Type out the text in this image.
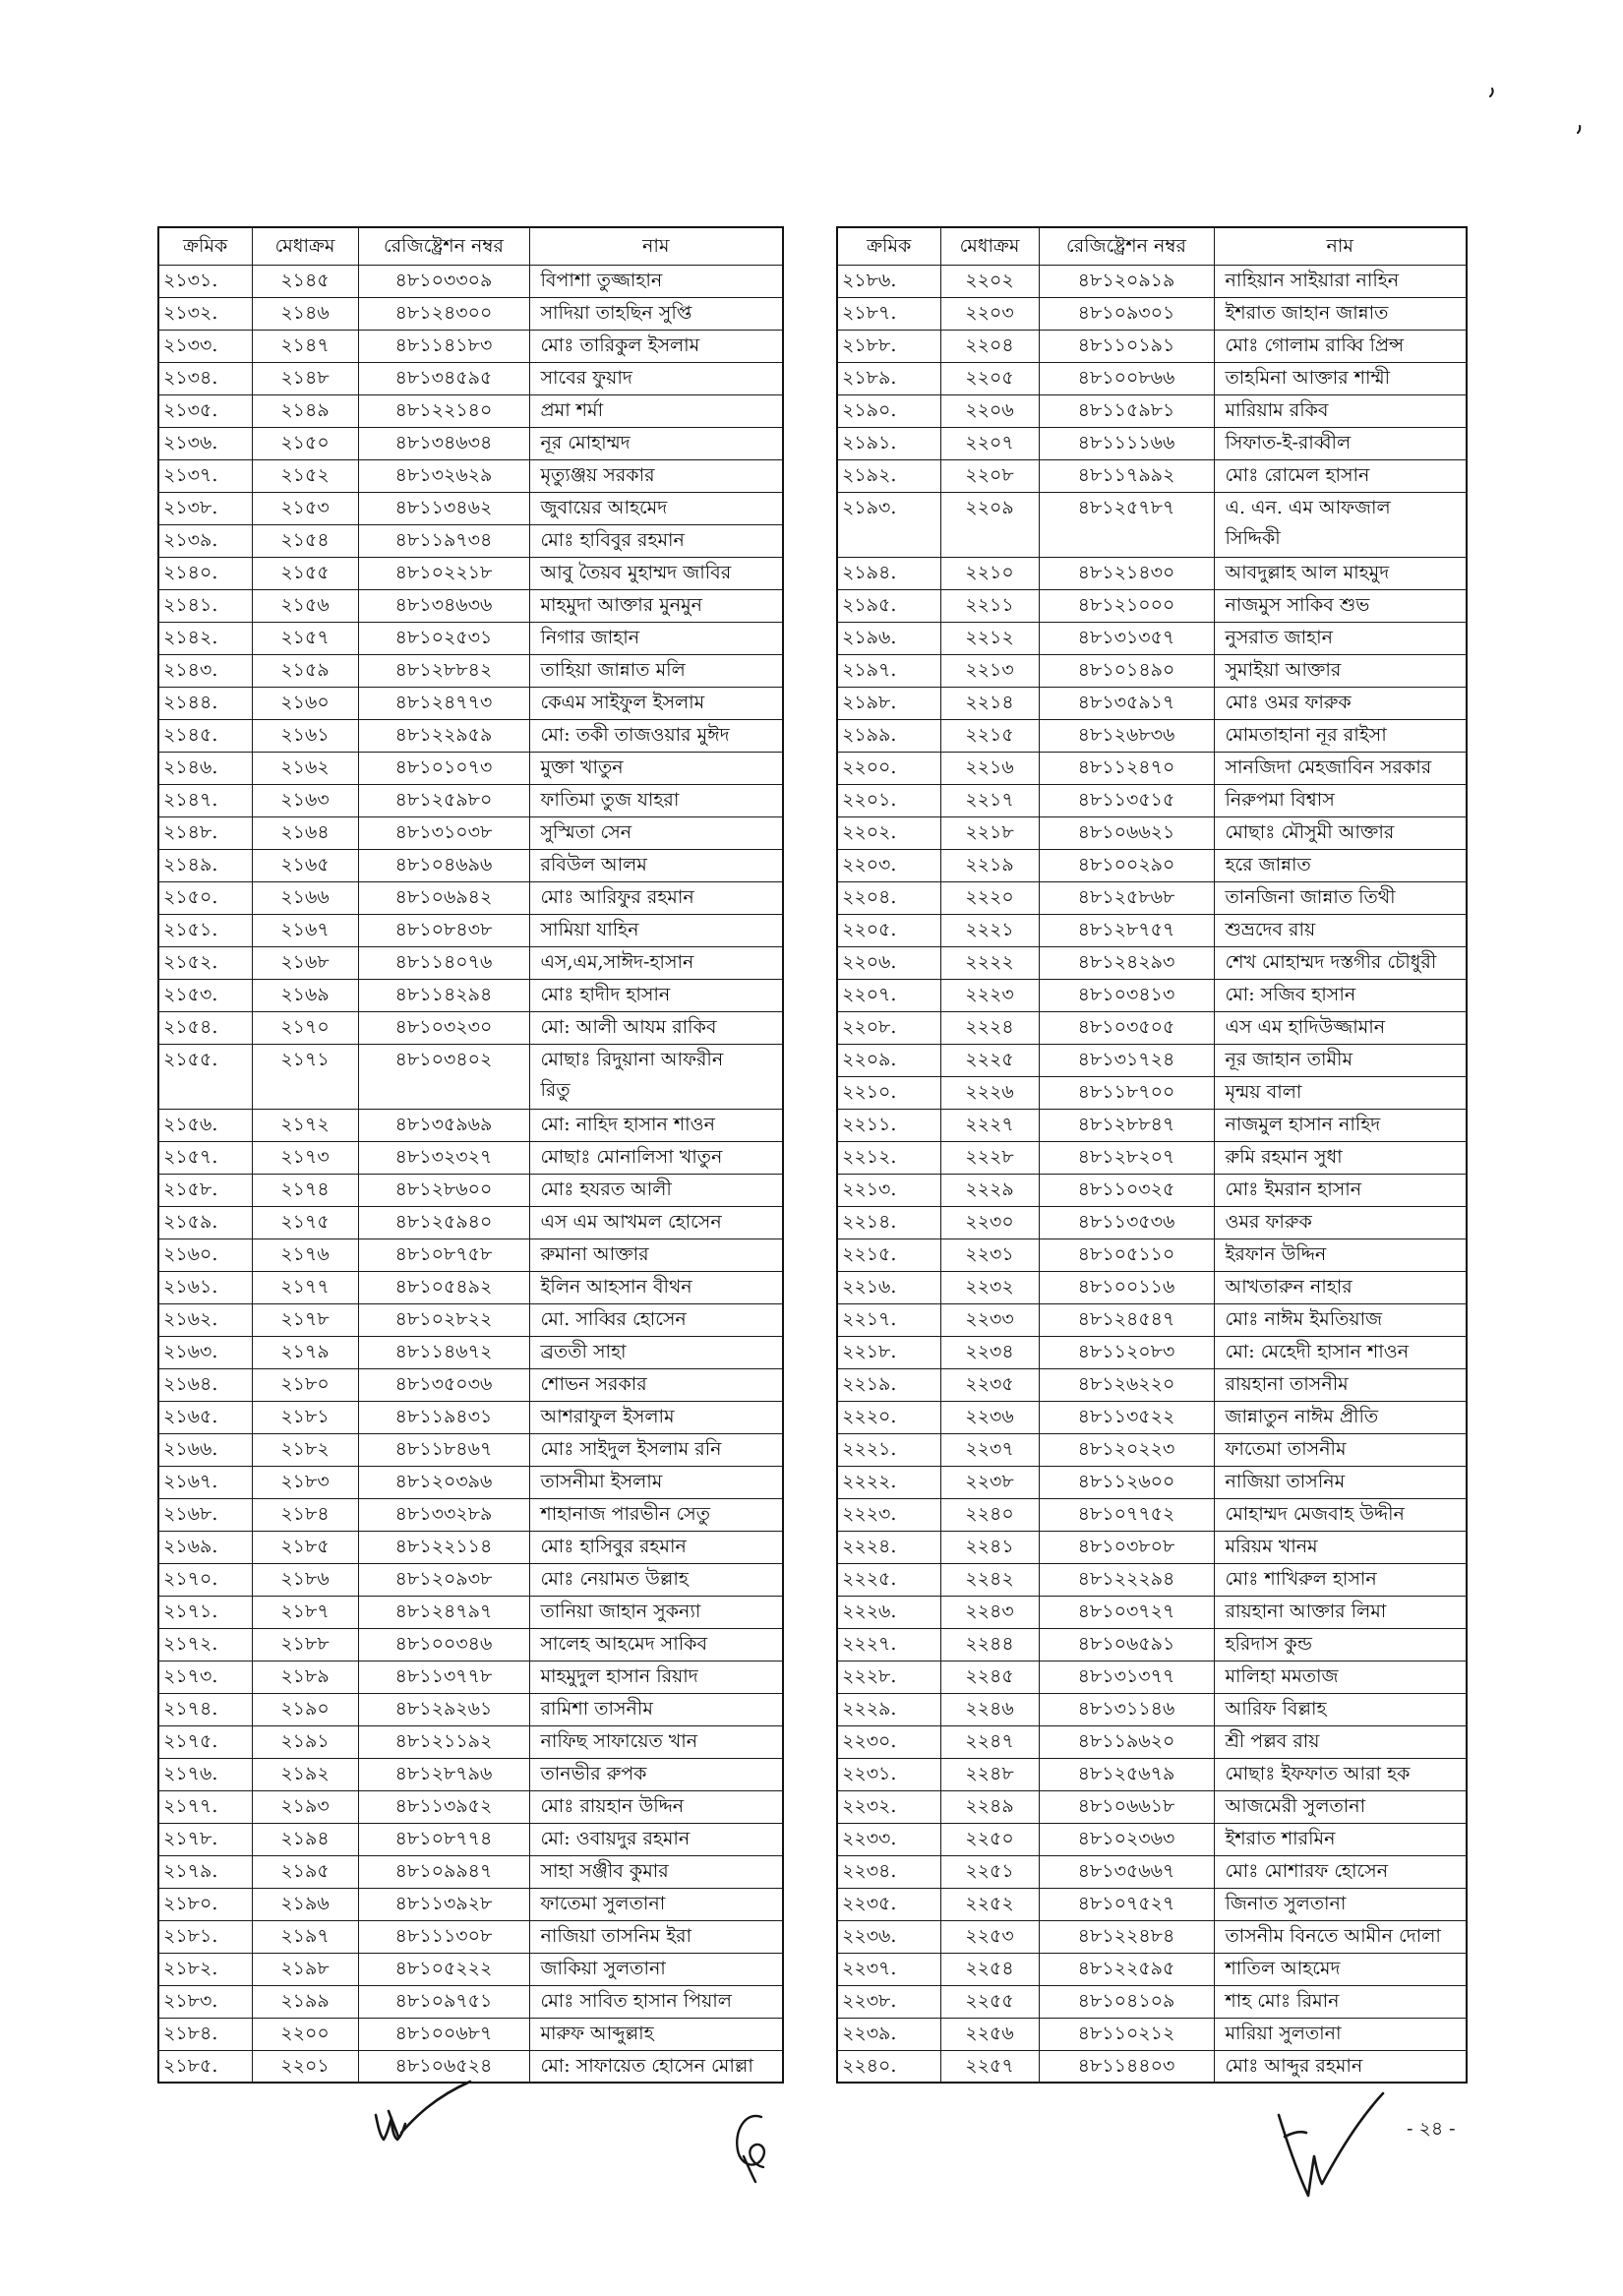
ক্রমিক	মেধাক্রম	রেজিষ্ট্রেশন নম্বর	নাম
২১৩১.	২১৪৫	৪৮১০৩৩০৯	বিপাশা তুজ্জাহান
২১৩২.	২১৪৬	৪৮১২৪৩০০	সাদিয়া তাহছিন সুপ্তি
২১৩৩.	২১৪৭	৪৮১১৪১৮৩	মোঃ তারিকুল ইসলাম
২১৩৪.	২১৪৮	৪৮১৩৪৫৯৫	সাবের ফুয়াদ
২১৩৫.	২১৪৯	৪৮১২২১৪০	প্রমা শর্মা
২১৩৬.	২১৫০	৪৮১৩৪৬৩৪	নূর মোহাম্মদ
২১৩৭.	২১৫২	৪৮১৩২৬২৯	মৃত্যুঞ্জয় সরকার
২১৩৮.	২১৫৩	৪৮১১৩৪৬২	জুবায়ের আহমেদ
২১৩৯.	২১৫৪	৪৮১১৯৭৩৪	মোঃ হাবিবুর রহমান
২১৪০.	২১৫৫	৪৮১০২২১৮	আবু তৈয়ব মুহাম্মদ জাবির
২১৪১.	২১৫৬	৪৮১৩৪৬৩৬	মাহমুদা আক্তার মুনমুন
২১৪২.	২১৫৭	৪৮১০২৫৩১	নিগার জাহান
২১৪৩.	২১৫৯	৪৮১২৮৮৪২	তাহিয়া জান্নাত মলি
২১৪৪.	২১৬০	৪৮১২৪৭৭৩	কেএম সাইফুল ইসলাম
২১৪৫.	২১৬১	৪৮১২২৯৫৯	মো: তকী তাজওয়ার মুঈদ
২১৪৬.	২১৬২	৪৮১০১০৭৩	মুক্তা খাতুন
২১৪৭.	২১৬৩	৪৮১২৫৯৮০	ফাতিমা তুজ যাহরা
২১৪৮.	২১৬৪	৪৮১৩১০৩৮	সুস্মিতা সেন
২১৪৯.	২১৬৫	৪৮১০৪৬৯৬	রবিউল আলম
২১৫০.	২১৬৬	৪৮১০৬৯৪২	মোঃ আরিফুর রহমান
২১৫১.	২১৬৭	৪৮১০৮৪৩৮	সামিয়া যাহিন
২১৫২.	২১৬৮	৪৮১১৪০৭৬	এস,এম,সাঈদ-হাসান
২১৫৩.	২১৬৯	৪৮১১৪২৯৪	মোঃ হাদীদ হাসান
২১৫৪.	২১৭০	৪৮১০৩২৩০	মো: আলী আযম রাকিব
২১৫৫.	২১৭১	৪৮১০৩৪০২	মোছাঃ রিদুয়ানা আফরীন
রিতু
২১৫৬.	২১৭২	৪৮১৩৫৯৬৯	মো: নাহিদ হাসান শাওন
২১৫৭.	২১৭৩	৪৮১৩২৩২৭	মোছাঃ মোনালিসা খাতুন
২১৫৮.	২১৭৪	৪৮১২৮৬০০	মোঃ হযরত আলী
২১৫৯.	২১৭৫	৪৮১২৫৯৪০	এস এম আখমল হোসেন
২১৬০.	২১৭৬	৪৮১০৮৭৫৮	রুমানা আক্তার
২১৬১.	২১৭৭	৪৮১০৫৪৯২	ইলিন আহসান বীথন
২১৬২.	২১৭৮	৪৮১০২৮২২	মো. সাব্বির হোসেন
২১৬৩.	২১৭৯	৪৮১১৪৬৭২	ব্রততী সাহা
২১৬৪.	২১৮০	৪৮১৩৫০৩৬	শোভন সরকার
২১৬৫.	২১৮১	৪৮১১৯৪৩১	আশরাফুল ইসলাম
২১৬৬.	২১৮২	৪৮১১৮৪৬৭	মোঃ সাইদুল ইসলাম রনি
২১৬৭.	২১৮৩	৪৮১২০৩৯৬	তাসনীমা ইসলাম
২১৬৮.	২১৮৪	৪৮১৩৩২৮৯	শাহানাজ পারভীন সেতু
২১৬৯.	২১৮৫	৪৮১২২১১৪	মোঃ হাসিবুর রহমান
২১৭০.	২১৮৬	৪৮১২০৯৩৮	মোঃ নেয়ামত উল্লাহ
২১৭১.	২১৮৭	৪৮১২৪৭৯৭	তানিয়া জাহান সুকন্যা
২১৭২.	২১৮৮	৪৮১০০৩৪৬	সালেহ আহমেদ সাকিব
২১৭৩.	২১৮৯	৪৮১১৩৭৭৮	মাহমুদুল হাসান রিয়াদ
২১৭৪.	২১৯০	৪৮১২৯২৬১	রামিশা তাসনীম
২১৭৫.	২১৯১	৪৮১২১১৯২	নাফিছ সাফায়েত খান
২১৭৬.	২১৯২	৪৮১২৮৭৯৬	তানভীর রুপক
২১৭৭.	২১৯৩	৪৮১১৩৯৫২	মোঃ রায়হান উদ্দিন
২১৭৮.	২১৯৪	৪৮১০৮৭৭৪	মো: ওবায়দুর রহমান
২১৭৯.	২১৯৫	৪৮১০৯৯৪৭	সাহা সঞ্জীব কুমার
২১৮০.	২১৯৬	৪৮১১৩৯২৮	ফাতেমা সুলতানা
২১৮১.	২১৯৭	৪৮১১১৩০৮	নাজিয়া তাসনিম ইরা
২১৮২.	২১৯৮	৪৮১০৫২২২	জাকিয়া সুলতানা
২১৮৩.	২১৯৯	৪৮১০৯৭৫১	মোঃ সাবিত হাসান পিয়াল
২১৮৪.	২২০০	৪৮১০০৬৮৭	মারুফ আব্দুল্লাহ
২১৮৫.	২২০১	৪৮১০৬৫২৪	মো: সাফায়েত হোসেন মোল্লা
ক্রমিক	মেধাক্রম	রেজিষ্ট্রেশন নম্বর	নাম
২১৮৬.	২২০২	৪৮১২০৯১৯	নাহিয়ান সাইয়ারা নাহিন
২১৮৭.	২২০৩	৪৮১০৯৩০১	ইশরাত জাহান জান্নাত
২১৮৮.	২২০৪	৪৮১১০১৯১	মোঃ গোলাম রাব্বি প্রিন্স
২১৮৯.	২২০৫	৪৮১০০৮৬৬	তাহমিনা আক্তার শাম্মী
২১৯০.	২২০৬	৪৮১১৫৯৮১	মারিয়াম রকিব
২১৯১.	২২০৭	৪৮১১১১৬৬	সিফাত-ই-রাব্বীল
২১৯২.	২২০৮	৪৮১১৭৯৯২	মোঃ রোমেল হাসান
২১৯৩.	২২০৯	৪৮১২৫৭৮৭	এ. এন. এম আফজাল
সিদ্দিকী
২১৯৪.	২২১০	৪৮১২১৪৩০	আবদুল্লাহ আল মাহমুদ
২১৯৫.	২২১১	৪৮১২১০০০	নাজমুস সাকিব শুভ
২১৯৬.	২২১২	৪৮১৩১৩৫৭	নুসরাত জাহান
২১৯৭.	২২১৩	৪৮১০১৪৯০	সুমাইয়া আক্তার
২১৯৮.	২২১৪	৪৮১৩৫৯১৭	মোঃ ওমর ফারুক
২১৯৯.	২২১৫	৪৮১২৬৮৩৬	মোমতাহানা নূর রাইসা
২২০০.	২২১৬	৪৮১১২৪৭০	সানজিদা মেহজাবিন সরকার
২২০১.	২২১৭	৪৮১১৩৫১৫	নিরুপমা বিশ্বাস
২২০২.	২২১৮	৪৮১০৬৬২১	মোছাঃ মৌসুমী আক্তার
২২০৩.	২২১৯	৪৮১০০২৯০	হরে জান্নাত
২২০৪.	২২২০	৪৮১২৫৮৬৮	তানজিনা জান্নাত তিথী
২২০৫.	২২২১	৪৮১২৮৭৫৭	শুভ্রদেব রায়
২২০৬.	২২২২	৪৮১২৪২৯৩	শেখ মোহাম্মদ দস্তগীর চৌধুরী
২২০৭.	২২২৩	৪৮১০৩৪১৩	মো: সজিব হাসান
২২০৮.	২২২৪	৪৮১০৩৫০৫	এস এম হাদিউজ্জামান
২২০৯.	২২২৫	৪৮১৩১৭২৪	নূর জাহান তামীম
২২১০.	২২২৬	৪৮১১৮৭০০	মৃন্ময় বালা
২২১১.	২২২৭	৪৮১২৮৮৪৭	নাজমুল হাসান নাহিদ
২২১২.	২২২৮	৪৮১২৮২০৭	রুমি রহমান সুধা
২২১৩.	২২২৯	৪৮১১০৩২৫	মোঃ ইমরান হাসান
২২১৪.	২২৩০	৪৮১১৩৫৩৬	ওমর ফারুক
২২১৫.	২২৩১	৪৮১০৫১১০	ইরফান উদ্দিন
২২১৬.	২২৩২	৪৮১০০১১৬	আখতারুন নাহার
২২১৭.	২২৩৩	৪৮১২৪৫৪৭	মোঃ নাঈম ইমতিয়াজ
২২১৮.	২২৩৪	৪৮১১২০৮৩	মো: মেহেদী হাসান শাওন
২২১৯.	২২৩৫	৪৮১২৬২২০	রায়হানা তাসনীম
২২২০.	২২৩৬	৪৮১১৩৫২২	জান্নাতুন নাঈম প্রীতি
২২২১.	২২৩৭	৪৮১২০২২৩	ফাতেমা তাসনীম
২২২২.	২২৩৮	৪৮১১২৬০০	নাজিয়া তাসনিম
২২২৩.	২২৪০	৪৮১০৭৭৫২	মোহাম্মদ মেজবাহ উদ্দীন
২২২৪.	২২৪১	৪৮১০৩৮০৮	মরিয়ম খানম
২২২৫.	২২৪২	৪৮১২২২৯৪	মোঃ শাখিরুল হাসান
২২২৬.	২২৪৩	৪৮১০৩৭২৭	রায়হানা আক্তার লিমা
২২২৭.	২২৪৪	৪৮১০৬৫৯১	হরিদাস কুন্ড
২২২৮.	২২৪৫	৪৮১৩১৩৭৭	মালিহা মমতাজ
২২২৯.	২২৪৬	৪৮১৩১১৪৬	আরিফ বিল্লাহ
২২৩০.	২২৪৭	৪৮১১৯৬২০	শ্রী পল্লব রায়
২২৩১.	২২৪৮	৪৮১২৫৬৭৯	মোছাঃ ইফফাত আরা হক
২২৩২.	২২৪৯	৪৮১০৬৬১৮	আজমেরী সুলতানা
২২৩৩.	২২৫০	৪৮১০২৩৬৩	ইশরাত শারমিন
২২৩৪.	২২৫১	৪৮১৩৫৬৬৭	মোঃ মোশারফ হোসেন
২২৩৫.	২২৫২	৪৮১০৭৫২৭	জিনাত সুলতানা
২২৩৬.	২২৫৩	৪৮১২২৪৮৪	তাসনীম বিনতে আমীন দোলা
২২৩৭.	২২৫৪	৪৮১২২৫৯৫	শাতিল আহমেদ
২২৩৮.	২২৫৫	৪৮১০৪১০৯	শাহ মোঃ রিমান
২২৩৯.	২২৫৬	৪৮১১০২১২	মারিয়া সুলতানা
২২৪০.	২২৫৭	৪৮১১৪৪০৩	মোঃ আব্দুর রহমান
- ২৪ -
